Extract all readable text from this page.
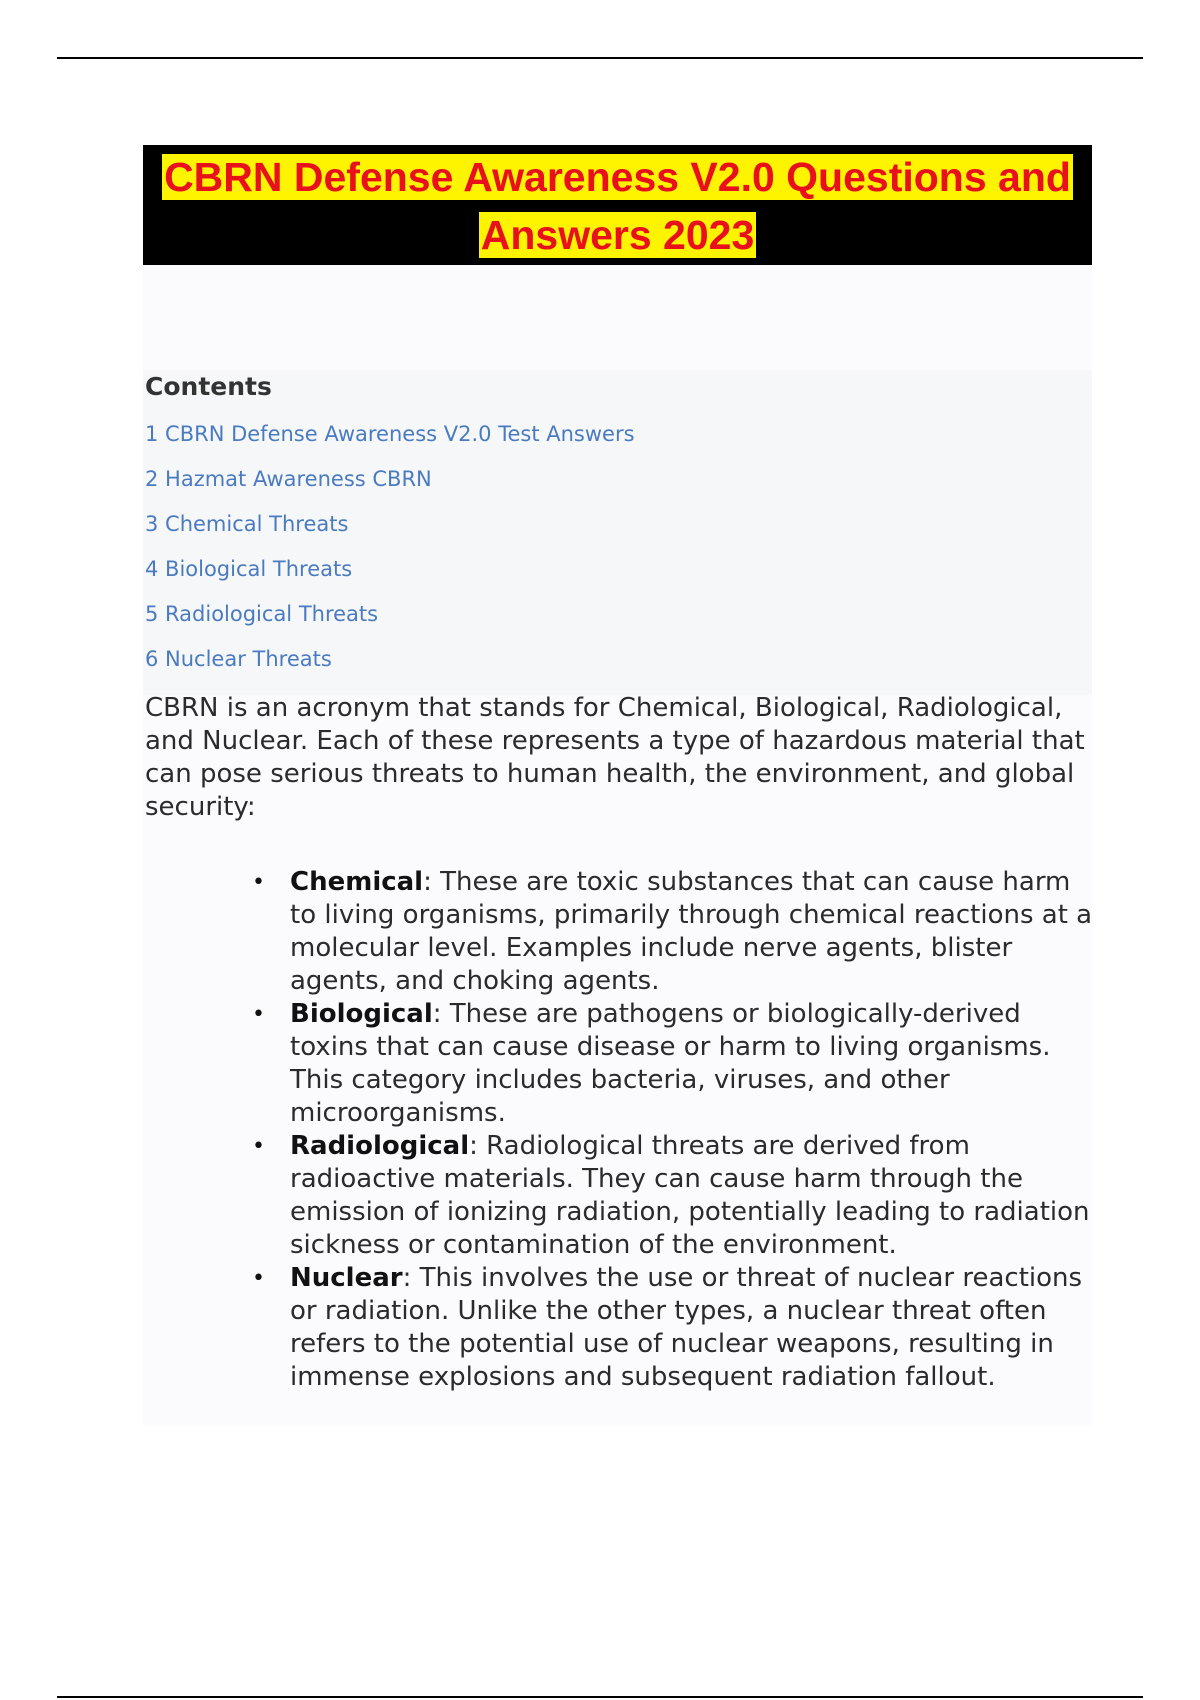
CBRN Defense Awareness V2.0 Questions and
Answers 2023
Contents
1 CBRN Defense Awareness V2.0 Test Answers
2 Hazmat Awareness CBRN
3 Chemical Threats
4 Biological Threats
5 Radiological Threats
6 Nuclear Threats

CBRN is an acronym that stands for Chemical, Biological, Radiological, and Nuclear. Each of these represents a type of hazardous material that can pose serious threats to human health, the environment, and global security:

• Chemical: These are toxic substances that can cause harm to living organisms, primarily through chemical reactions at a molecular level. Examples include nerve agents, blister agents, and choking agents.
• Biological: These are pathogens or biologically-derived toxins that can cause disease or harm to living organisms. This category includes bacteria, viruses, and other microorganisms.
• Radiological: Radiological threats are derived from radioactive materials. They can cause harm through the emission of ionizing radiation, potentially leading to radiation sickness or contamination of the environment.
• Nuclear: This involves the use or threat of nuclear reactions or radiation. Unlike the other types, a nuclear threat often refers to the potential use of nuclear weapons, resulting in immense explosions and subsequent radiation fallout.
